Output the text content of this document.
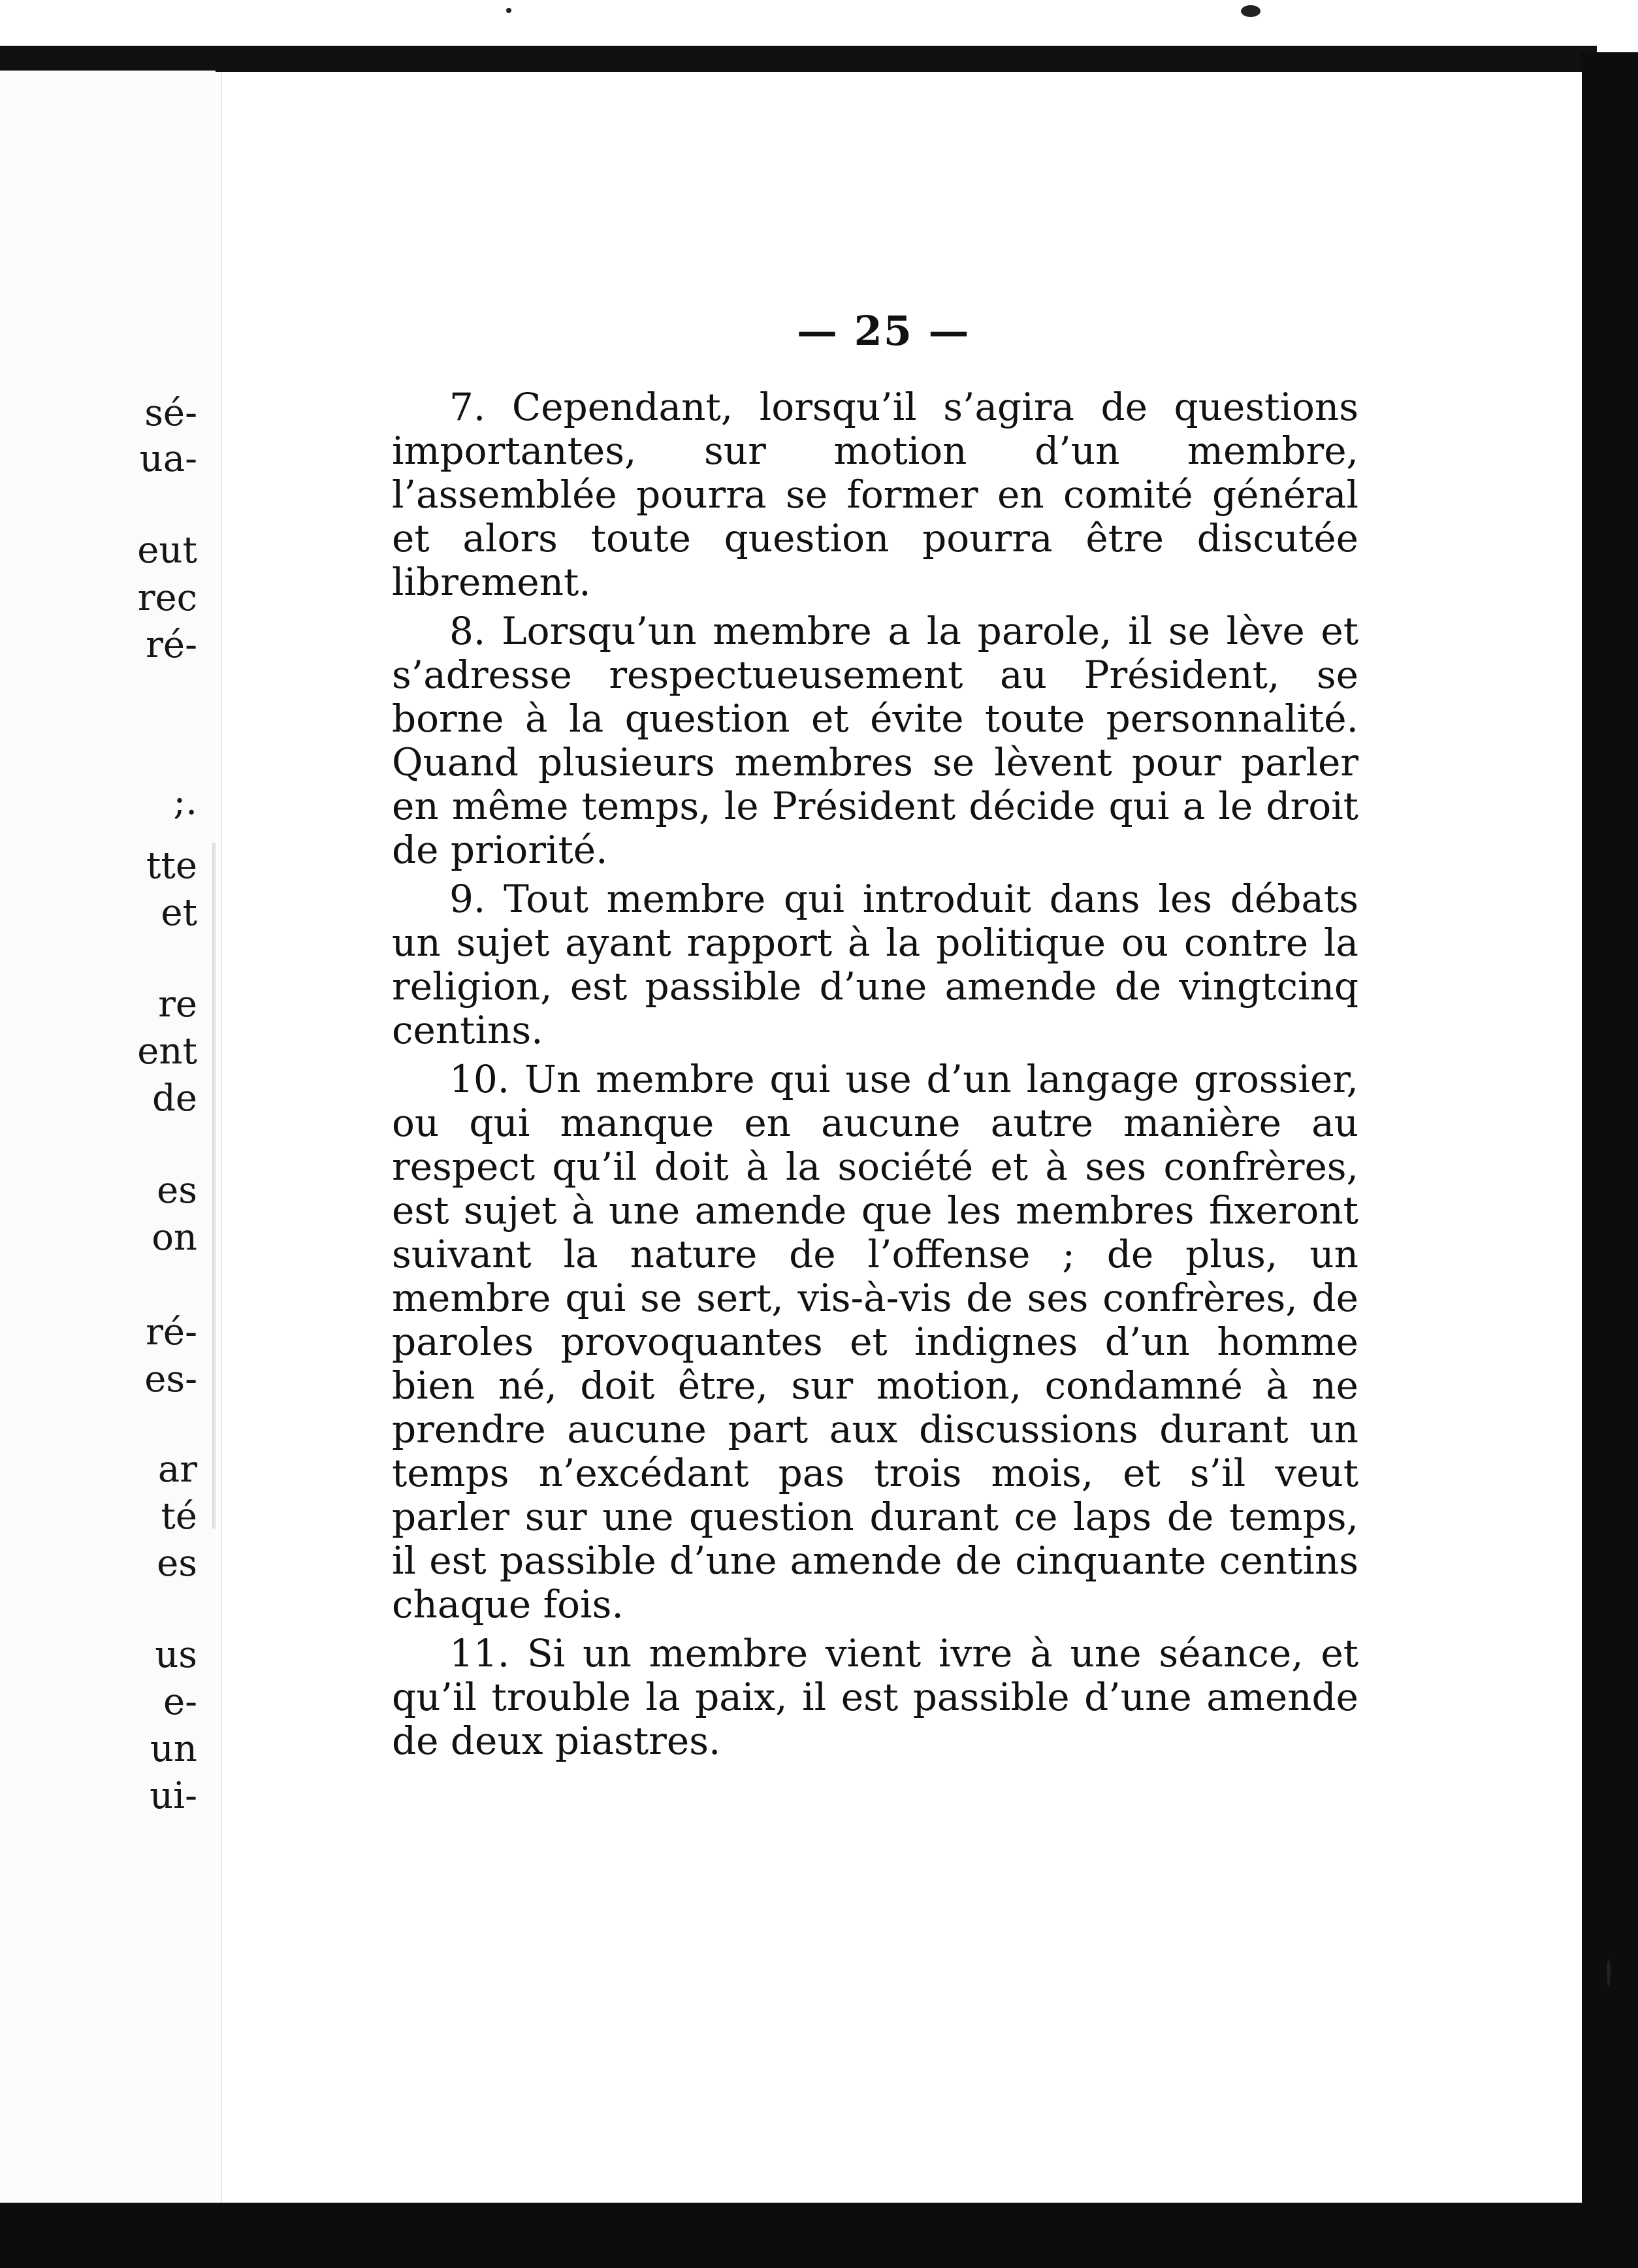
sé-
ua-
eut
rec
ré-
;.
tte
et
re
ent
de
es
on
ré-
es-
ar
té
es
us
e-
un
ui-
— 25 —

7. Cependant, lorsqu’il s’agira de questions importantes, sur motion d’un membre, l’assemblée pourra se former en comité général et alors toute question pourra être discutée librement.

8. Lorsqu’un membre a la parole, il se lève et s’adresse respectueusement au Président, se borne à la question et évite toute personnalité. Quand plusieurs membres se lèvent pour parler en même temps, le Président décide qui a le droit de priorité.

9. Tout membre qui introduit dans les débats un sujet ayant rapport à la politique ou contre la religion, est passible d’une amende de vingtcinq centins.

10. Un membre qui use d’un langage grossier, ou qui manque en aucune autre manière au respect qu’il doit à la société et à ses confrères, est sujet à une amende que les membres fixeront suivant la nature de l’offense ; de plus, un membre qui se sert, vis-à-vis de ses confrères, de paroles provoquantes et indignes d’un homme bien né, doit être, sur motion, condamné à ne prendre aucune part aux discussions durant un temps n’excédant pas trois mois, et s’il veut parler sur une question durant ce laps de temps, il est passible d’une amende de cinquante centins chaque fois.

11. Si un membre vient ivre à une séance, et qu’il trouble la paix, il est passible d’une amende de deux piastres.
